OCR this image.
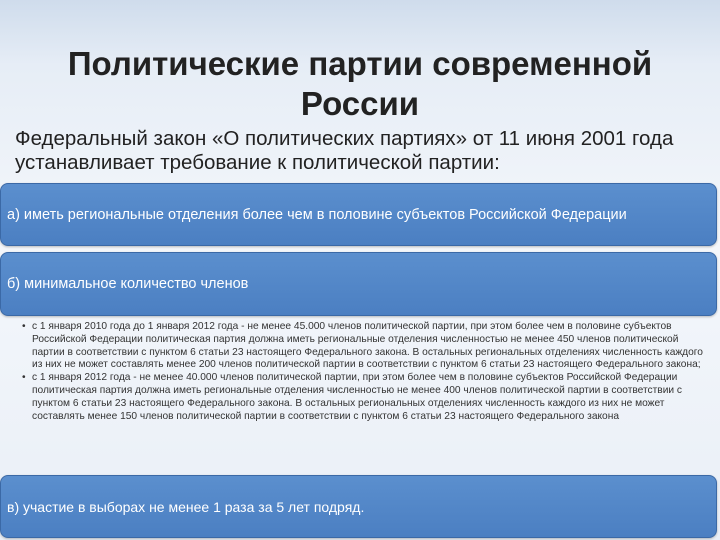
Политические партии современной
России
Федеральный закон «О политических партиях» от 11 июня 2001 года устанавливает требование к политической партии:
а) иметь региональные отделения более чем в половине субъектов Российской Федерации
б) минимальное количество членов
• с 1 января 2010 года до 1 января 2012 года - не менее 45.000 членов политической партии, при этом более чем в половине субъектов Российской Федерации политическая партия должна иметь региональные отделения численностью не менее 450 членов политической партии в соответствии с пунктом 6 статьи 23 настоящего Федерального закона. В остальных региональных отделениях численность каждого из них не может составлять менее 200 членов политической партии в соответствии с пунктом 6 статьи 23 настоящего Федерального закона;
• с 1 января 2012 года - не менее 40.000 членов политической партии, при этом более чем в половине субъектов Российской Федерации политическая партия должна иметь региональные отделения численностью не менее 400 членов политической партии в соответствии с пунктом 6 статьи 23 настоящего Федерального закона. В остальных региональных отделениях численность каждого из них не может составлять менее 150 членов политической партии в соответствии с пунктом 6 статьи 23 настоящего Федерального закона
в) участие в выборах не менее 1 раза за 5 лет подряд.
